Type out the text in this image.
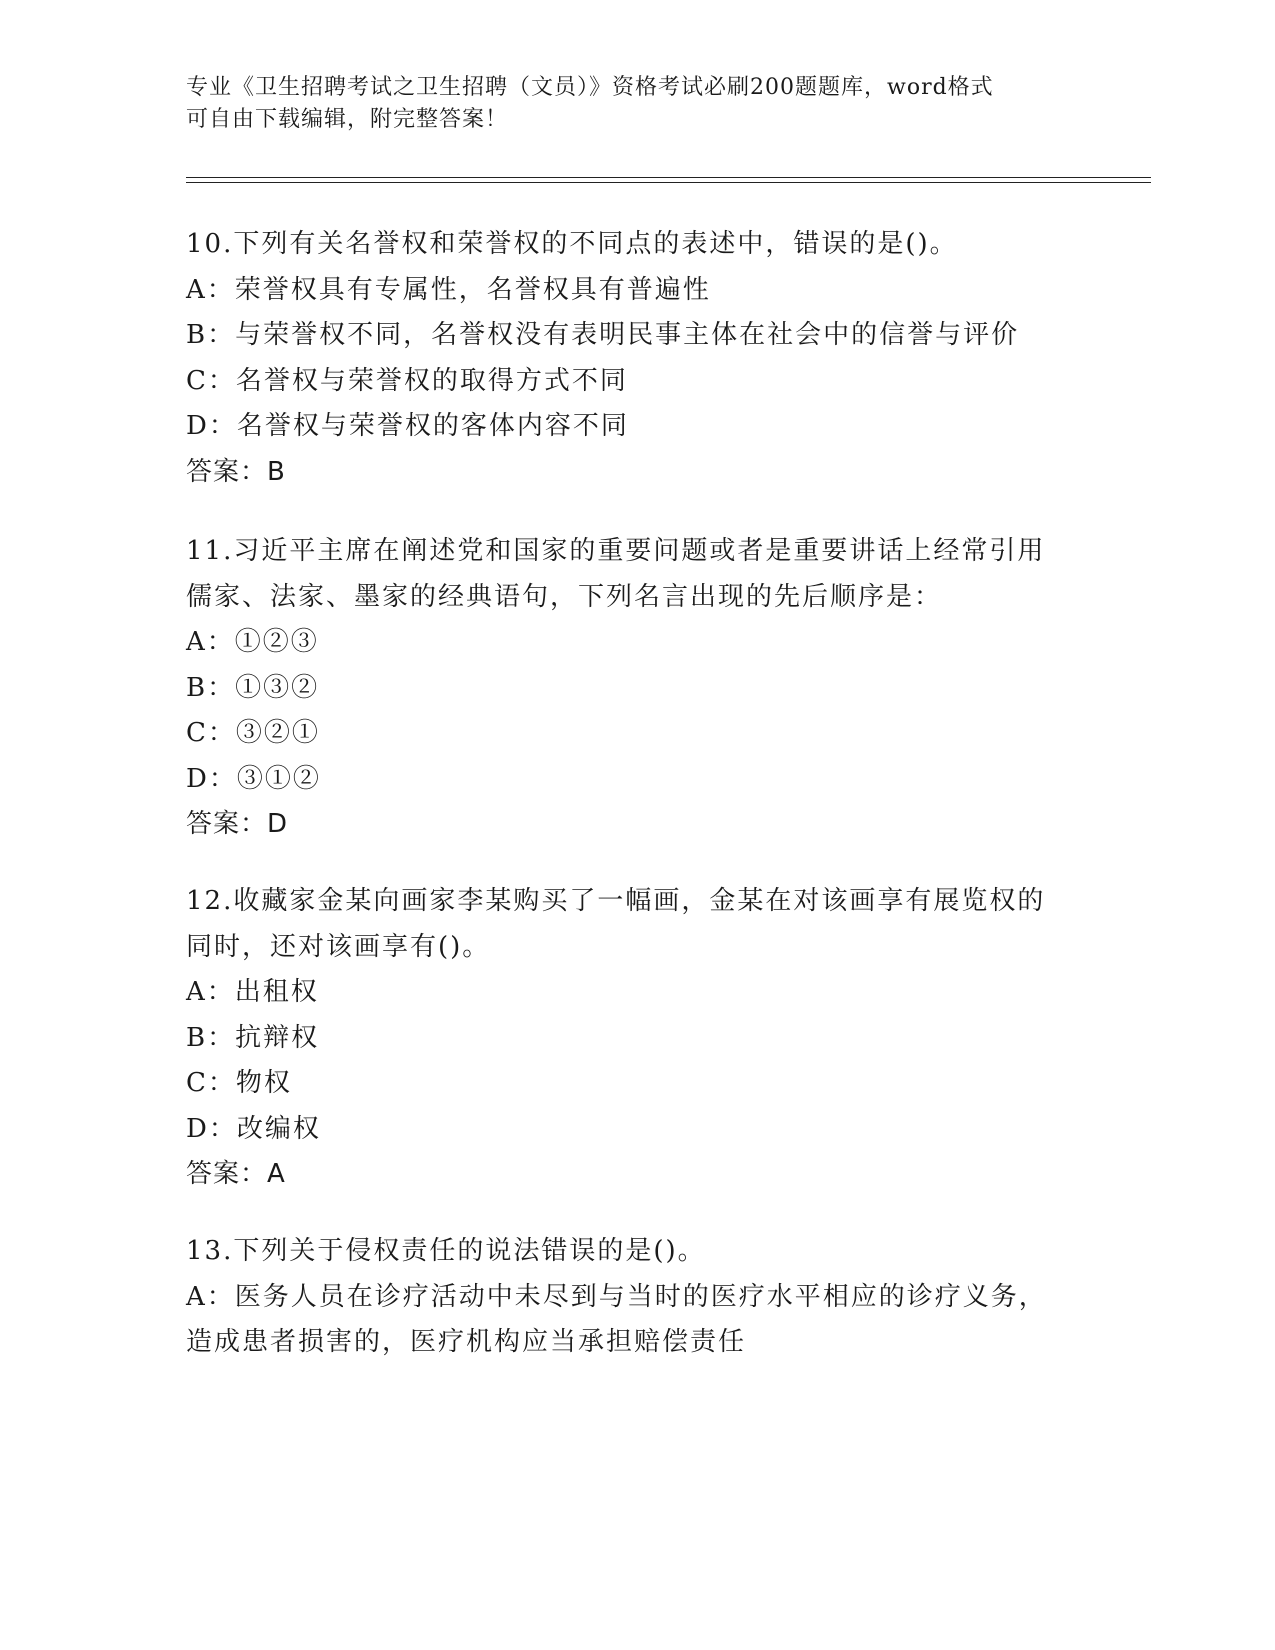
专业《卫生招聘考试之卫生招聘（文员）》资格考试必刷200题题库，word格式
可自由下载编辑，附完整答案！
10.下列有关名誉权和荣誉权的不同点的表述中，错误的是()。
A：荣誉权具有专属性，名誉权具有普遍性
B：与荣誉权不同，名誉权没有表明民事主体在社会中的信誉与评价
C：名誉权与荣誉权的取得方式不同
D：名誉权与荣誉权的客体内容不同
答案：B
11.习近平主席在阐述党和国家的重要问题或者是重要讲话上经常引用
儒家、法家、墨家的经典语句，下列名言出现的先后顺序是：
A：①②③
B：①③②
C：③②①
D：③①②
答案：D
12.收藏家金某向画家李某购买了一幅画，金某在对该画享有展览权的
同时，还对该画享有()。
A：出租权
B：抗辩权
C：物权
D：改编权
答案：A
13.下列关于侵权责任的说法错误的是()。
A：医务人员在诊疗活动中未尽到与当时的医疗水平相应的诊疗义务，
造成患者损害的，医疗机构应当承担赔偿责任
